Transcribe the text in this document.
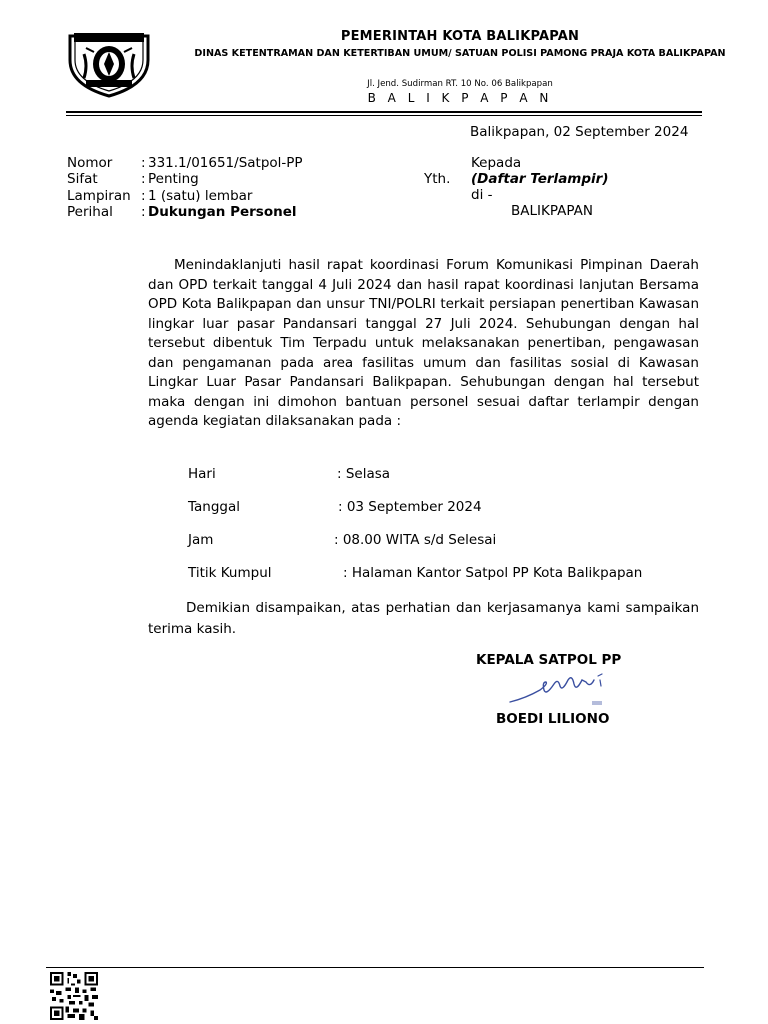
PEMERINTAH KOTA BALIKPAPAN
DINAS KETENTRAMAN DAN KETERTIBAN UMUM/ SATUAN POLISI PAMONG PRAJA KOTA BALIKPAPAN
Jl. Jend. Sudirman RT. 10 No. 06 Balikpapan
B A L I K P A P A N
Balikpapan, 02 September 2024
Nomor : 331.1/01651/Satpol-PP
Sifat	: Penting
Lampiran : 1 (satu) lembar
Perihal : Dukungan Personel
Kepada
Yth. (Daftar Terlampir)
di -
BALIKPAPAN
Menindaklanjuti hasil rapat koordinasi Forum Komunikasi Pimpinan Daerah dan OPD terkait tanggal 4 Juli 2024 dan hasil rapat koordinasi lanjutan Bersama OPD Kota Balikpapan dan unsur TNI/POLRI terkait persiapan penertiban Kawasan lingkar luar pasar Pandansari tanggal 27 Juli 2024. Sehubungan dengan hal tersebut dibentuk Tim Terpadu untuk melaksanakan penertiban, pengawasan dan pengamanan pada area fasilitas umum dan fasilitas sosial di Kawasan Lingkar Luar Pasar Pandansari Balikpapan. Sehubungan dengan hal tersebut maka dengan ini dimohon bantuan personel sesuai daftar terlampir dengan agenda kegiatan dilaksanakan pada :
Hari	: Selasa
Tanggal	: 03 September 2024
Jam	: 08.00 WITA s/d Selesai
Titik Kumpul	: Halaman Kantor Satpol PP Kota Balikpapan
Demikian disampaikan, atas perhatian dan kerjasamanya kami sampaikan terima kasih.
KEPALA SATPOL PP
BOEDI LILIONO
